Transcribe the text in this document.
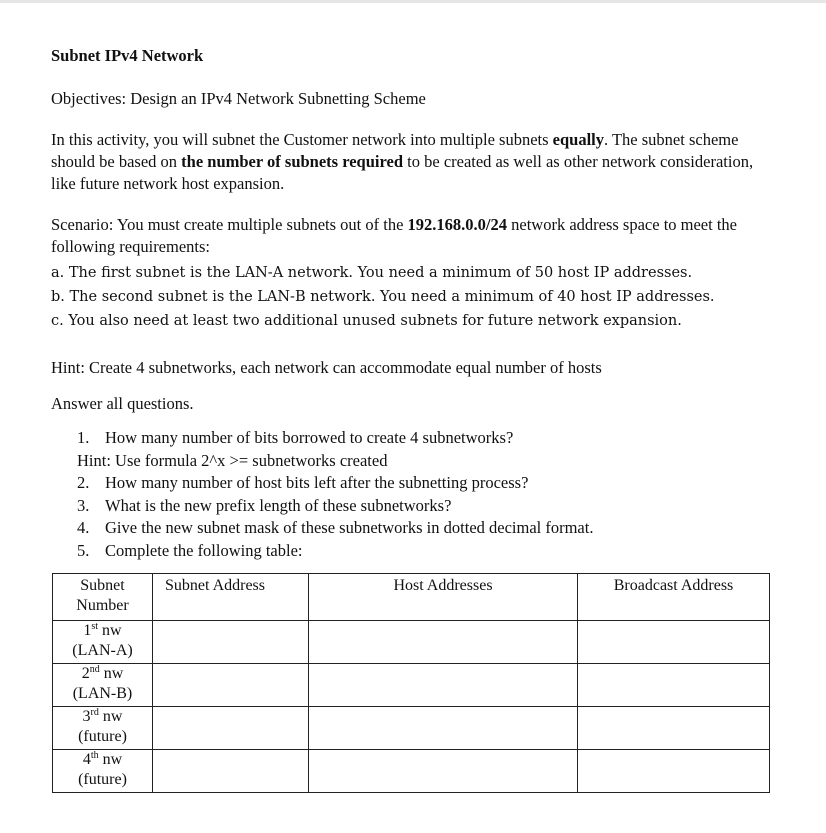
Subnet IPv4 Network
Objectives: Design an IPv4 Network Subnetting Scheme
In this activity, you will subnet the Customer network into multiple subnets equally. The subnet scheme should be based on the number of subnets required to be created as well as other network consideration, like future network host expansion.
Scenario: You must create multiple subnets out of the 192.168.0.0/24 network address space to meet the following requirements:
a. The first subnet is the LAN-A network. You need a minimum of 50 host IP addresses.
b. The second subnet is the LAN-B network. You need a minimum of 40 host IP addresses.
c. You also need at least two additional unused subnets for future network expansion.
Hint: Create 4 subnetworks, each network can accommodate equal number of hosts
Answer all questions.
1. How many number of bits borrowed to create 4 subnetworks?
Hint: Use formula 2^x >= subnetworks created
2. How many number of host bits left after the subnetting process?
3. What is the new prefix length of these subnetworks?
4. Give the new subnet mask of these subnetworks in dotted decimal format.
5. Complete the following table:
Subnet
Number	Subnet Address	Host Addresses	Broadcast Address

1st nw
(LAN-A)			

2nd nw
(LAN-B)			

3rd nw
(future)			

4th nw
(future)			
